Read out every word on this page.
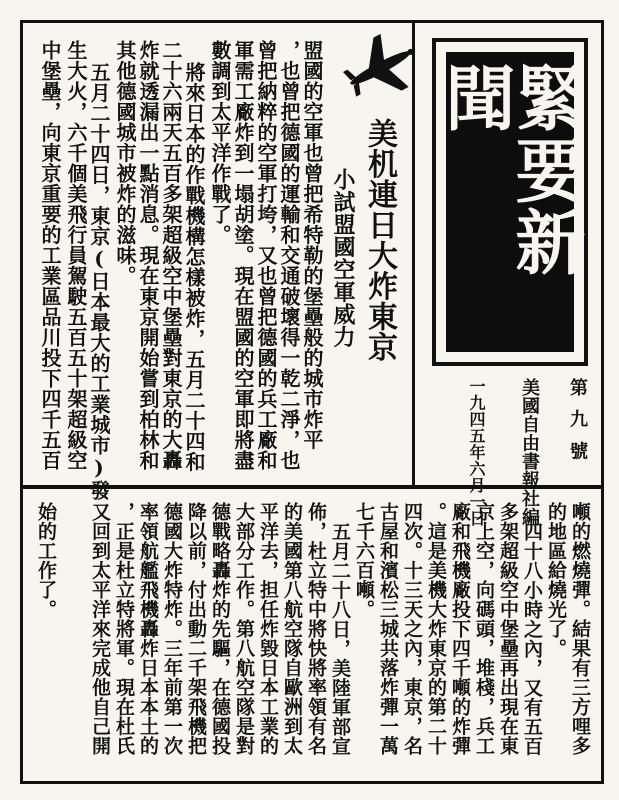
緊要新聞
第九號
美國自由書報社編
一九四五年六月一日
美机連日大炸東京
小試盟國空軍威力
盟國的空軍也曾把希特勒的堡壘般的城市炸平
，也曾把德國的運輸和交通破壞得一乾二淨，也
曾把納粹的空軍打垮，又也曾把德國的兵工廠和
軍需工廠炸到一塌胡塗。現在盟國的空軍即將盡
數調到太平洋作戰了。
將來日本的作戰機構怎樣被炸，五月二十四和
二十六兩天五百多架超級空中堡壘對東京的大轟
炸就透漏出一點消息。現在東京開始嘗到柏林和
其他德國城市被炸的滋味。
五月二十四日，東京(日本最大的工業城市)發
生大火，六千個美飛行員駕駛五百五十架超級空
中堡壘，向東京重要的工業區品川投下四千五百
噸的燃燒彈。結果有三方哩多
的地區給燒光了。
四十八小時之內，又有五百
多架超級空中堡壘再出現在東
京上空，向碼頭，堆棧，兵工
廠和飛機廠投下四千噸的炸彈
。這是美機大炸東京的第二十
四次。十三天之內，東京，名
古屋和濱松三城共落炸彈一萬
七千六百噸。
五月二十八日，美陸軍部宣
佈，杜立特中將快將率領有名
的美國第八航空隊自歐洲到太
平洋去，担任炸毀日本工業的
大部分工作。第八航空隊是對
德戰略轟炸的先驅，在德國投
降以前，付出動二千架飛機把
德國大炸特炸。三年前第一次
率領航艦飛機轟炸日本本土的
，正是杜立特將軍。現在杜氏
又回到太平洋來完成他自己開
始的工作了。
